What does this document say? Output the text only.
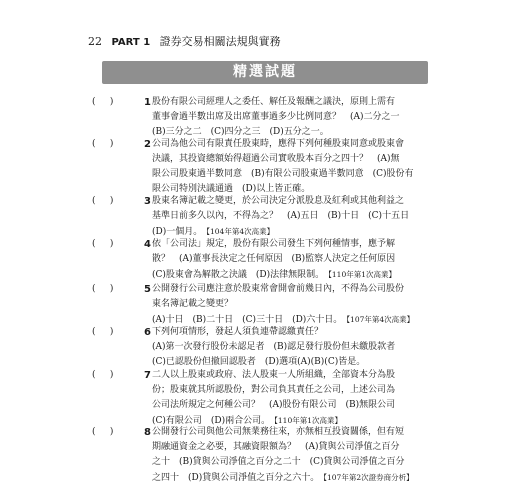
22 PART 1 證券交易相關法規與實務
精選試題
(     )	1 股份有限公司經理人之委任、解任及報酬之議決，原則上需有
董事會過半數出席及出席董事過多少比例同意？　(A)二分之一
(B)三分之二　(C)四分之三　(D)五分之一。
(     )	2 公司為他公司有限責任股東時，應得下列何種股東同意或股東會
決議，其投資總額始得超過公司實收股本百分之四十？　(A)無
限公司股東過半數同意　(B)有限公司股東過半數同意　(C)股份有
限公司特別決議通過　(D)以上皆正確。
(     )	3 股東名簿記載之變更，於公司決定分派股息及紅利或其他利益之
基準日前多久以內，不得為之？　(A)五日　(B)十日　(C)十五日
(D)一個月。 【104年第4次高業】
(     )	4 依「公司法」規定，股份有限公司發生下列何種情事，應予解
散？　(A)董事長決定之任何原因　(B)監察人決定之任何原因
(C)股東會為解散之決議　(D)法律無限制。 【110年第1次高業】
(     )	5 公開發行公司應注意於股東常會開會前幾日內，不得為公司股份
東名簿記載之變更？
(A)十日　(B)二十日　(C)三十日　(D)六十日。 【107年第4次高業】
(     )	6 下列何項情形，發起人須負連帶認繳責任？
(A)第一次發行股份未認足者　(B)認足發行股份但未繳股款者
(C)已認股份但撤回認股者　(D)選項(A)(B)(C)皆是。
(     )	7 二人以上股東或政府、法人股東一人所組織，全部資本分為股
份；股東就其所認股份，對公司負其責任之公司，上述公司為
公司法所規定之何種公司？　(A)股份有限公司　(B)無限公司
(C)有限公司　(D)兩合公司。 【110年第1次高業】
(     )	8 公開發行公司與他公司無業務往來，亦無相互投資關係，但有短
期融通資金之必要，其融資限額為？　(A)貸與公司淨值之百分
之十　(B)貸與公司淨值之百分之二十　(C)貸與公司淨值之百分
之四十　(D)貸與公司淨值之百分之六十。 【107年第2次證券商分析】
